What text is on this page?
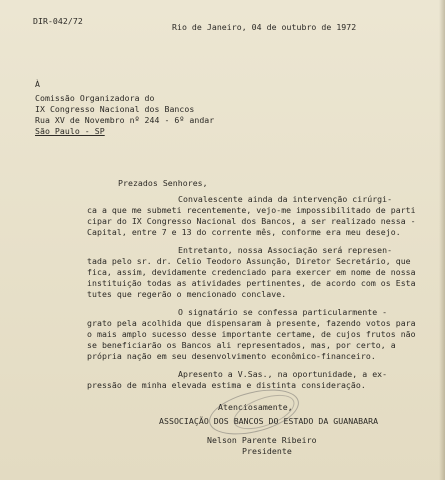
DIR-042/72
Rio de Janeiro, 04 de outubro de 1972
À
Comissão Organizadora do
IX Congresso Nacional dos Bancos
Rua XV de Novembro nº 244 - 6º andar
São Paulo - SP
Prezados Senhores,
Convalescente ainda da intervenção cirúrgi-
ca a que me submeti recentemente, vejo-me impossibilitado de parti
cipar do IX Congresso Nacional dos Bancos, a ser realizado nessa -
Capital, entre 7 e 13 do corrente mês, conforme era meu desejo.
Entretanto, nossa Associação será represen-
tada pelo sr. dr. Celio Teodoro Assunção, Diretor Secretário, que
fica, assim, devidamente credenciado para exercer em nome de nossa
instituição todas as atividades pertinentes, de acordo com os Esta
tutes que regerão o mencionado conclave.
O signatário se confessa particularmente -
grato pela acolhida que dispensaram à presente, fazendo votos para
o mais amplo sucesso desse importante certame, de cujos frutos não
se beneficiarão os Bancos ali representados, mas, por certo, a
própria nação em seu desenvolvimento econômico-financeiro.
Apresento a V.Sas., na oportunidade, a ex-
pressão de minha elevada estima e distinta consideração.
Atenciosamente,
ASSOCIAÇÃO DOS BANCOS DO ESTADO DA GUANABARA
Nelson Parente Ribeiro
Presidente
